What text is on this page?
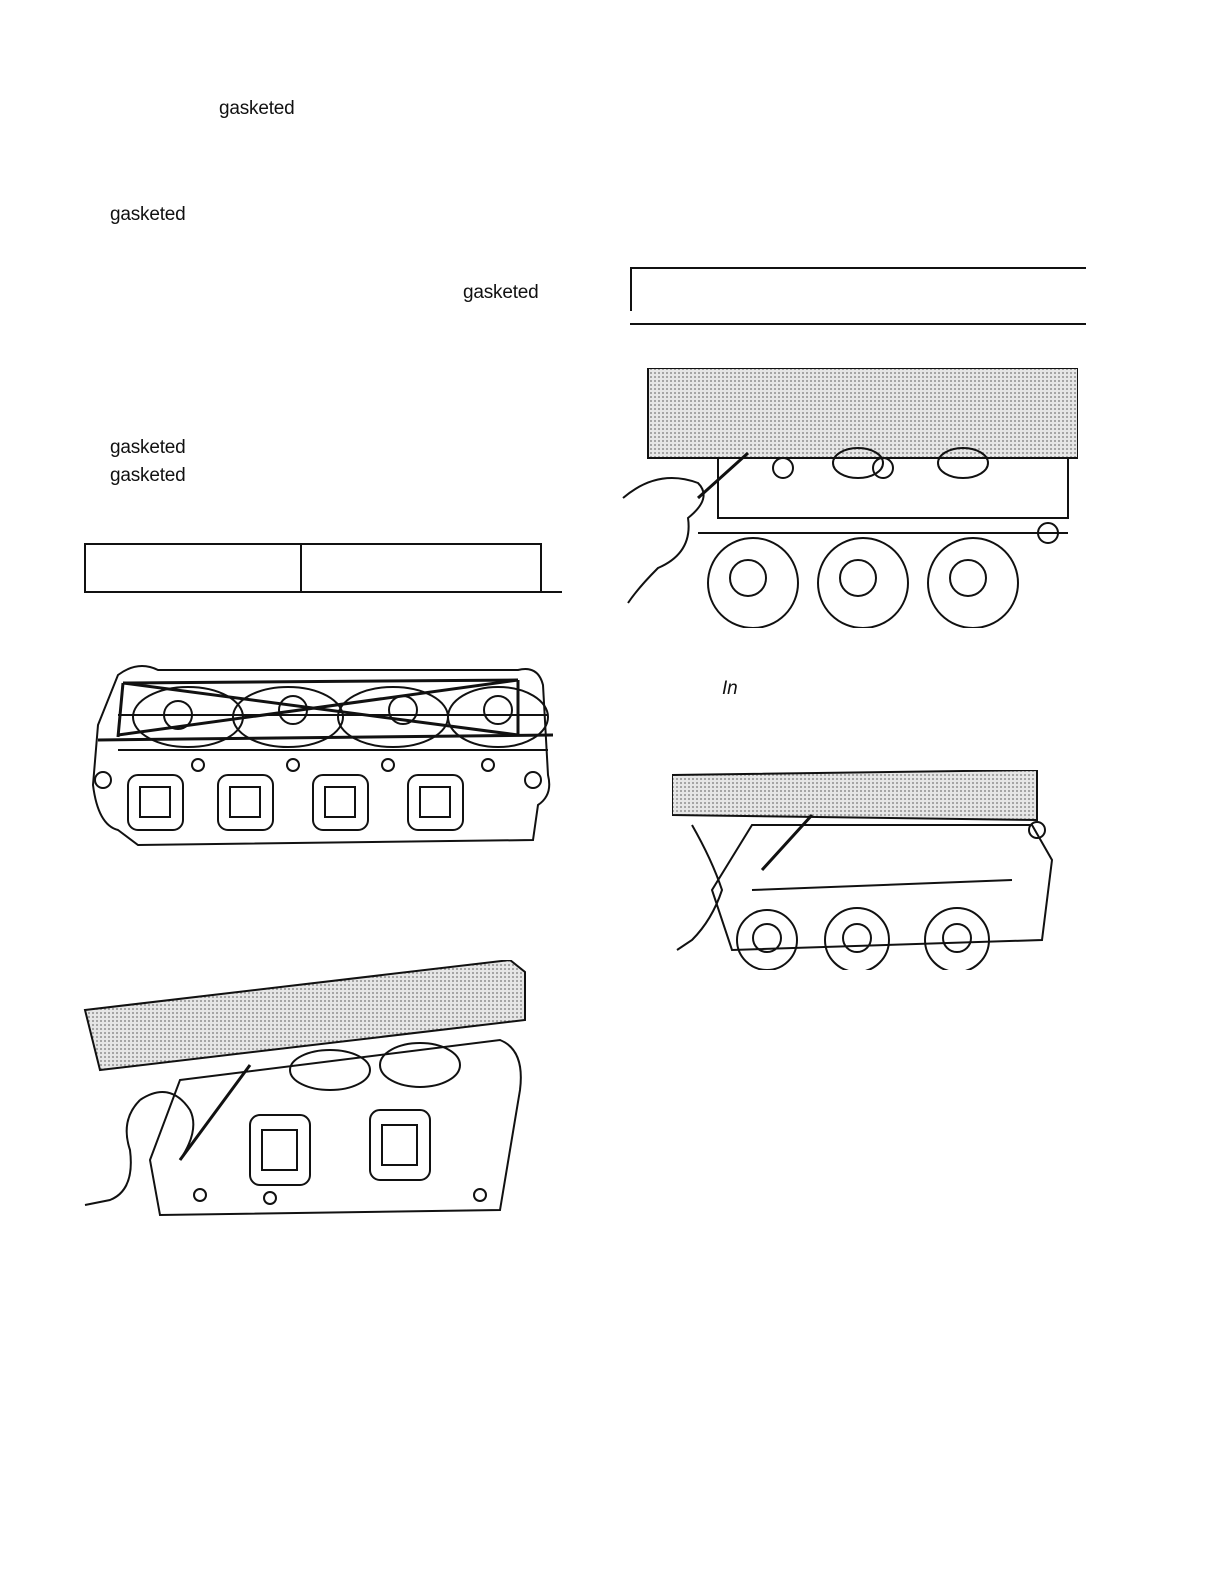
gasketed
gasketed
gasketed
gasketed
gasketed
In
